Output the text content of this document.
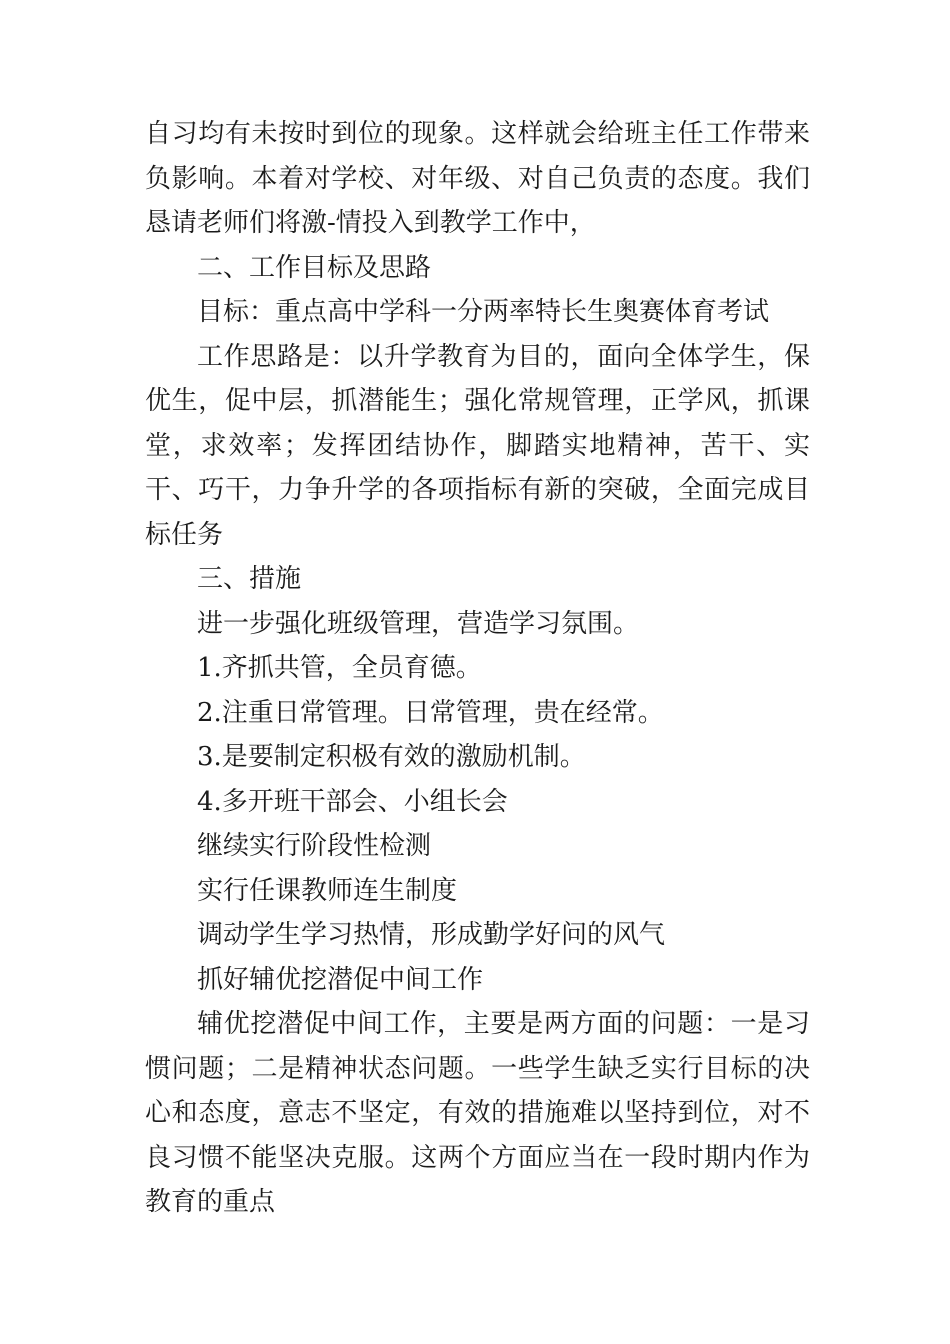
自习均有未按时到位的现象。这样就会给班主任工作带来负影响。本着对学校、对年级、对自己负责的态度。我们恳请老师们将激-情投入到教学工作中，

二、工作目标及思路

目标：重点高中学科一分两率特长生奥赛体育考试

工作思路是：以升学教育为目的，面向全体学生，保优生，促中层，抓潜能生；强化常规管理，正学风，抓课堂，求效率；发挥团结协作，脚踏实地精神，苦干、实干、巧干，力争升学的各项指标有新的突破，全面完成目标任务

三、措施

进一步强化班级管理，营造学习氛围。

1.齐抓共管，全员育德。

2.注重日常管理。日常管理，贵在经常。

3.是要制定积极有效的激励机制。

4.多开班干部会、小组长会

继续实行阶段性检测

实行任课教师连生制度

调动学生学习热情，形成勤学好问的风气

抓好辅优挖潜促中间工作

辅优挖潜促中间工作，主要是两方面的问题：一是习惯问题；二是精神状态问题。一些学生缺乏实行目标的决心和态度，意志不坚定，有效的措施难以坚持到位，对不良习惯不能坚决克服。这两个方面应当在一段时期内作为教育的重点
